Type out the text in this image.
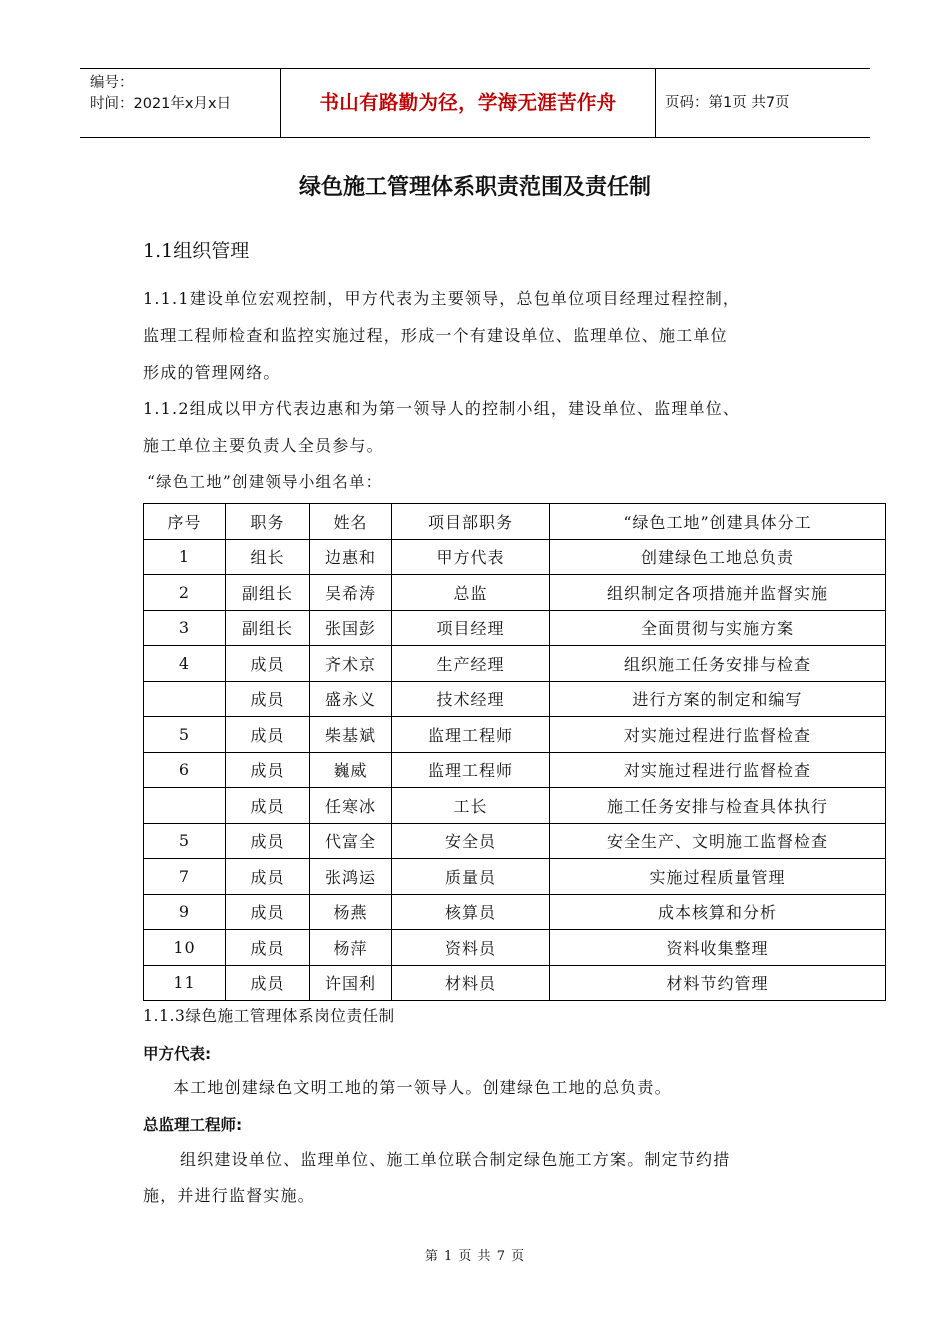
编号：
时间：2021年x月x日	书山有路勤为径，学海无涯苦作舟	页码：第1页 共7页
绿色施工管理体系职责范围及责任制
1.1组织管理
1.1.1建设单位宏观控制，甲方代表为主要领导，总包单位项目经理过程控制，
监理工程师检查和监控实施过程，形成一个有建设单位、监理单位、施工单位
形成的管理网络。
1.1.2组成以甲方代表边惠和为第一领导人的控制小组，建设单位、监理单位、
施工单位主要负责人全员参与。
“绿色工地”创建领导小组名单：
序号	职务	姓名	项目部职务	“绿色工地”创建具体分工
1	组长	边惠和	甲方代表	创建绿色工地总负责
2	副组长	吴希涛	总监	组织制定各项措施并监督实施
3	副组长	张国彭	项目经理	全面贯彻与实施方案
4	成员	齐术京	生产经理	组织施工任务安排与检查
	成员	盛永义	技术经理	进行方案的制定和编写
5	成员	柴基斌	监理工程师	对实施过程进行监督检查
6	成员	巍威	监理工程师	对实施过程进行监督检查
	成员	任寒冰	工长	施工任务安排与检查具体执行
5	成员	代富全	安全员	安全生产、文明施工监督检查
7	成员	张鸿运	质量员	实施过程质量管理
9	成员	杨燕	核算员	成本核算和分析
10	成员	杨萍	资料员	资料收集整理
11	成员	许国利	材料员	材料节约管理
1.1.3绿色施工管理体系岗位责任制
甲方代表:
本工地创建绿色文明工地的第一领导人。创建绿色工地的总负责。
总监理工程师:
组织建设单位、监理单位、施工单位联合制定绿色施工方案。制定节约措
施，并进行监督实施。
第 1 页 共 7 页
